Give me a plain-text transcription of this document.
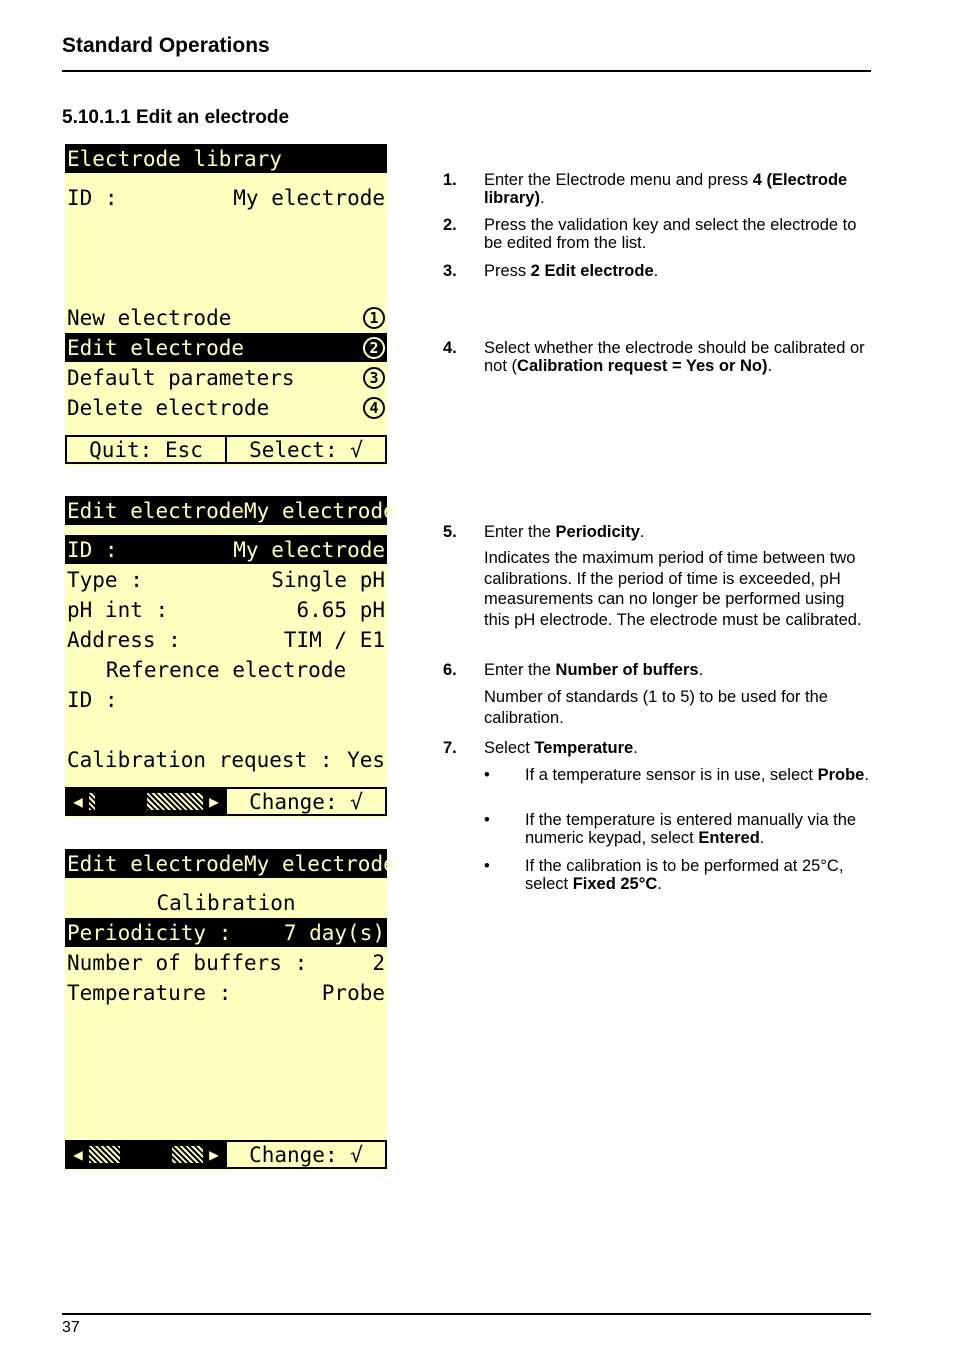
Standard Operations
5.10.1.1 Edit an electrode
Electrode library
ID :	My electrode
New electrode	1
Edit electrode	2
Default parameters	3
Delete electrode	4
Quit: Esc	Select: √
Edit electrode My electrode
ID :	My electrode
Type :	Single pH
pH int :	6.65 pH
Address :	TIM / E1
Reference electrode
ID :
Calibration request : Yes
◀	▶	Change: √
Edit electrode My electrode
Calibration
Periodicity : 7 day(s)
Number of buffers :	2
Temperature :	Probe
◀	▶	Change: √
1. Enter the Electrode menu and press 4 (Electrode library).
2. Press the validation key and select the electrode to be edited from the list.
3. Press 2 Edit electrode.
4. Select whether the electrode should be calibrated or not (Calibration request = Yes or No).
5. Enter the Periodicity.
Indicates the maximum period of time between two calibrations. If the period of time is exceeded, pH measurements can no longer be performed using this pH electrode. The electrode must be calibrated.
6. Enter the Number of buffers.
Number of standards (1 to 5) to be used for the calibration.
7. Select Temperature.
• If a temperature sensor is in use, select Probe.
• If the temperature is entered manually via the numeric keypad, select Entered.
• If the calibration is to be performed at 25°C, select Fixed 25°C.
37
